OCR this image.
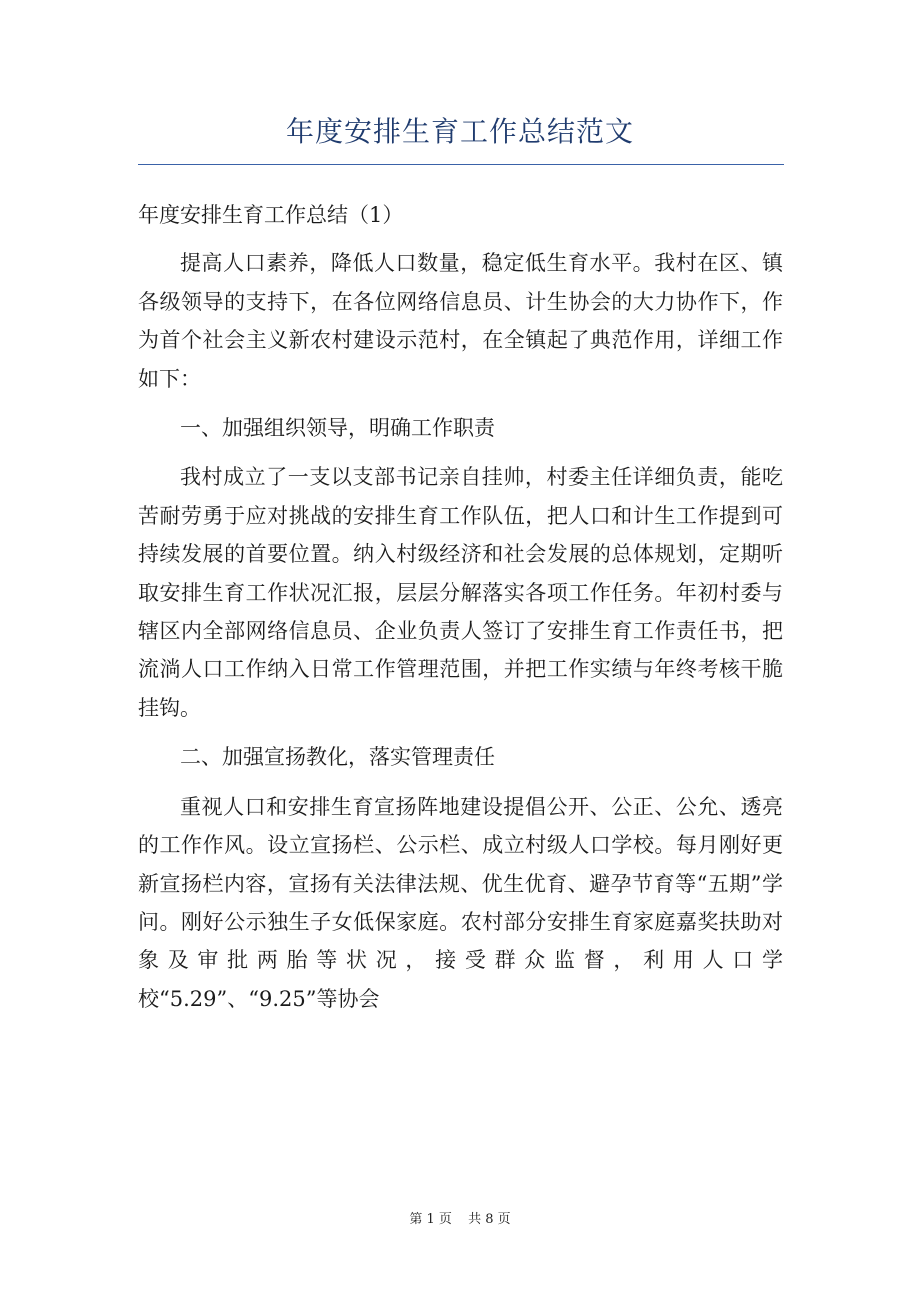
年度安排生育工作总结范文

年度安排生育工作总结（1）

提高人口素养，降低人口数量，稳定低生育水平。我村在区、镇各级领导的支持下，在各位网络信息员、计生协会的大力协作下，作为首个社会主义新农村建设示范村，在全镇起了典范作用，详细工作如下：

一、加强组织领导，明确工作职责

我村成立了一支以支部书记亲自挂帅，村委主任详细负责，能吃苦耐劳勇于应对挑战的安排生育工作队伍，把人口和计生工作提到可持续发展的首要位置。纳入村级经济和社会发展的总体规划，定期听取安排生育工作状况汇报，层层分解落实各项工作任务。年初村委与辖区内全部网络信息员、企业负责人签订了安排生育工作责任书，把流淌人口工作纳入日常工作管理范围，并把工作实绩与年终考核干脆挂钩。

二、加强宣扬教化，落实管理责任

重视人口和安排生育宣扬阵地建设提倡公开、公正、公允、透亮的工作作风。设立宣扬栏、公示栏、成立村级人口学校。每月刚好更新宣扬栏内容，宣扬有关法律法规、优生优育、避孕节育等“五期”学问。刚好公示独生子女低保家庭。农村部分安排生育家庭嘉奖扶助对象及审批两胎等状况，接受群众监督，利用人口学校“5.29”、“9.25”等协会

第 1 页 共 8 页
